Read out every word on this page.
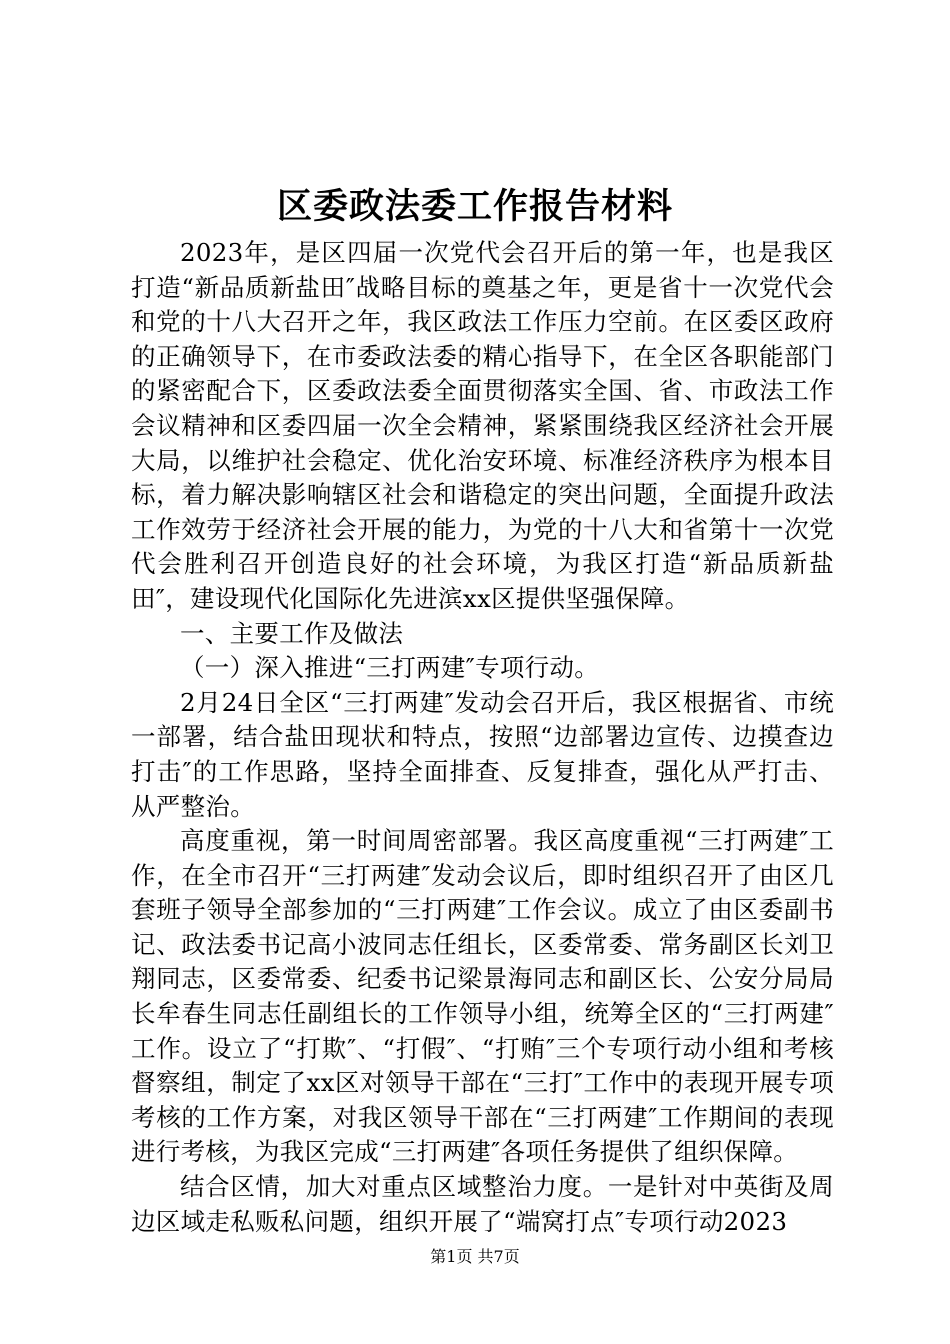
区委政法委工作报告材料

2023年，是区四届一次党代会召开后的第一年，也是我区打造“新品质新盐田″战略目标的奠基之年，更是省十一次党代会和党的十八大召开之年，我区政法工作压力空前。在区委区政府的正确领导下，在市委政法委的精心指导下，在全区各职能部门的紧密配合下，区委政法委全面贯彻落实全国、省、市政法工作会议精神和区委四届一次全会精神，紧紧围绕我区经济社会开展大局，以维护社会稳定、优化治安环境、标准经济秩序为根本目标，着力解决影响辖区社会和谐稳定的突出问题，全面提升政法工作效劳于经济社会开展的能力，为党的十八大和省第十一次党代会胜利召开创造良好的社会环境，为我区打造“新品质新盐田″，建设现代化国际化先进滨xx区提供坚强保障。

一、主要工作及做法

（一）深入推进“三打两建″专项行动。

2月24日全区“三打两建″发动会召开后，我区根据省、市统一部署，结合盐田现状和特点，按照“边部署边宣传、边摸查边打击″的工作思路，坚持全面排查、反复排查，强化从严打击、从严整治。

高度重视，第一时间周密部署。我区高度重视“三打两建″工作，在全市召开“三打两建″发动会议后，即时组织召开了由区几套班子领导全部参加的“三打两建″工作会议。成立了由区委副书记、政法委书记高小波同志任组长，区委常委、常务副区长刘卫翔同志，区委常委、纪委书记梁景海同志和副区长、公安分局局长牟春生同志任副组长的工作领导小组，统筹全区的“三打两建″工作。设立了“打欺″、“打假″、“打贿″三个专项行动小组和考核督察组，制定了xx区对领导干部在“三打″工作中的表现开展专项考核的工作方案，对我区领导干部在“三打两建″工作期间的表现进行考核，为我区完成“三打两建″各项任务提供了组织保障。

结合区情，加大对重点区域整治力度。一是针对中英街及周边区域走私贩私问题，组织开展了“端窝打点″专项行动2023

第1页 共7页
